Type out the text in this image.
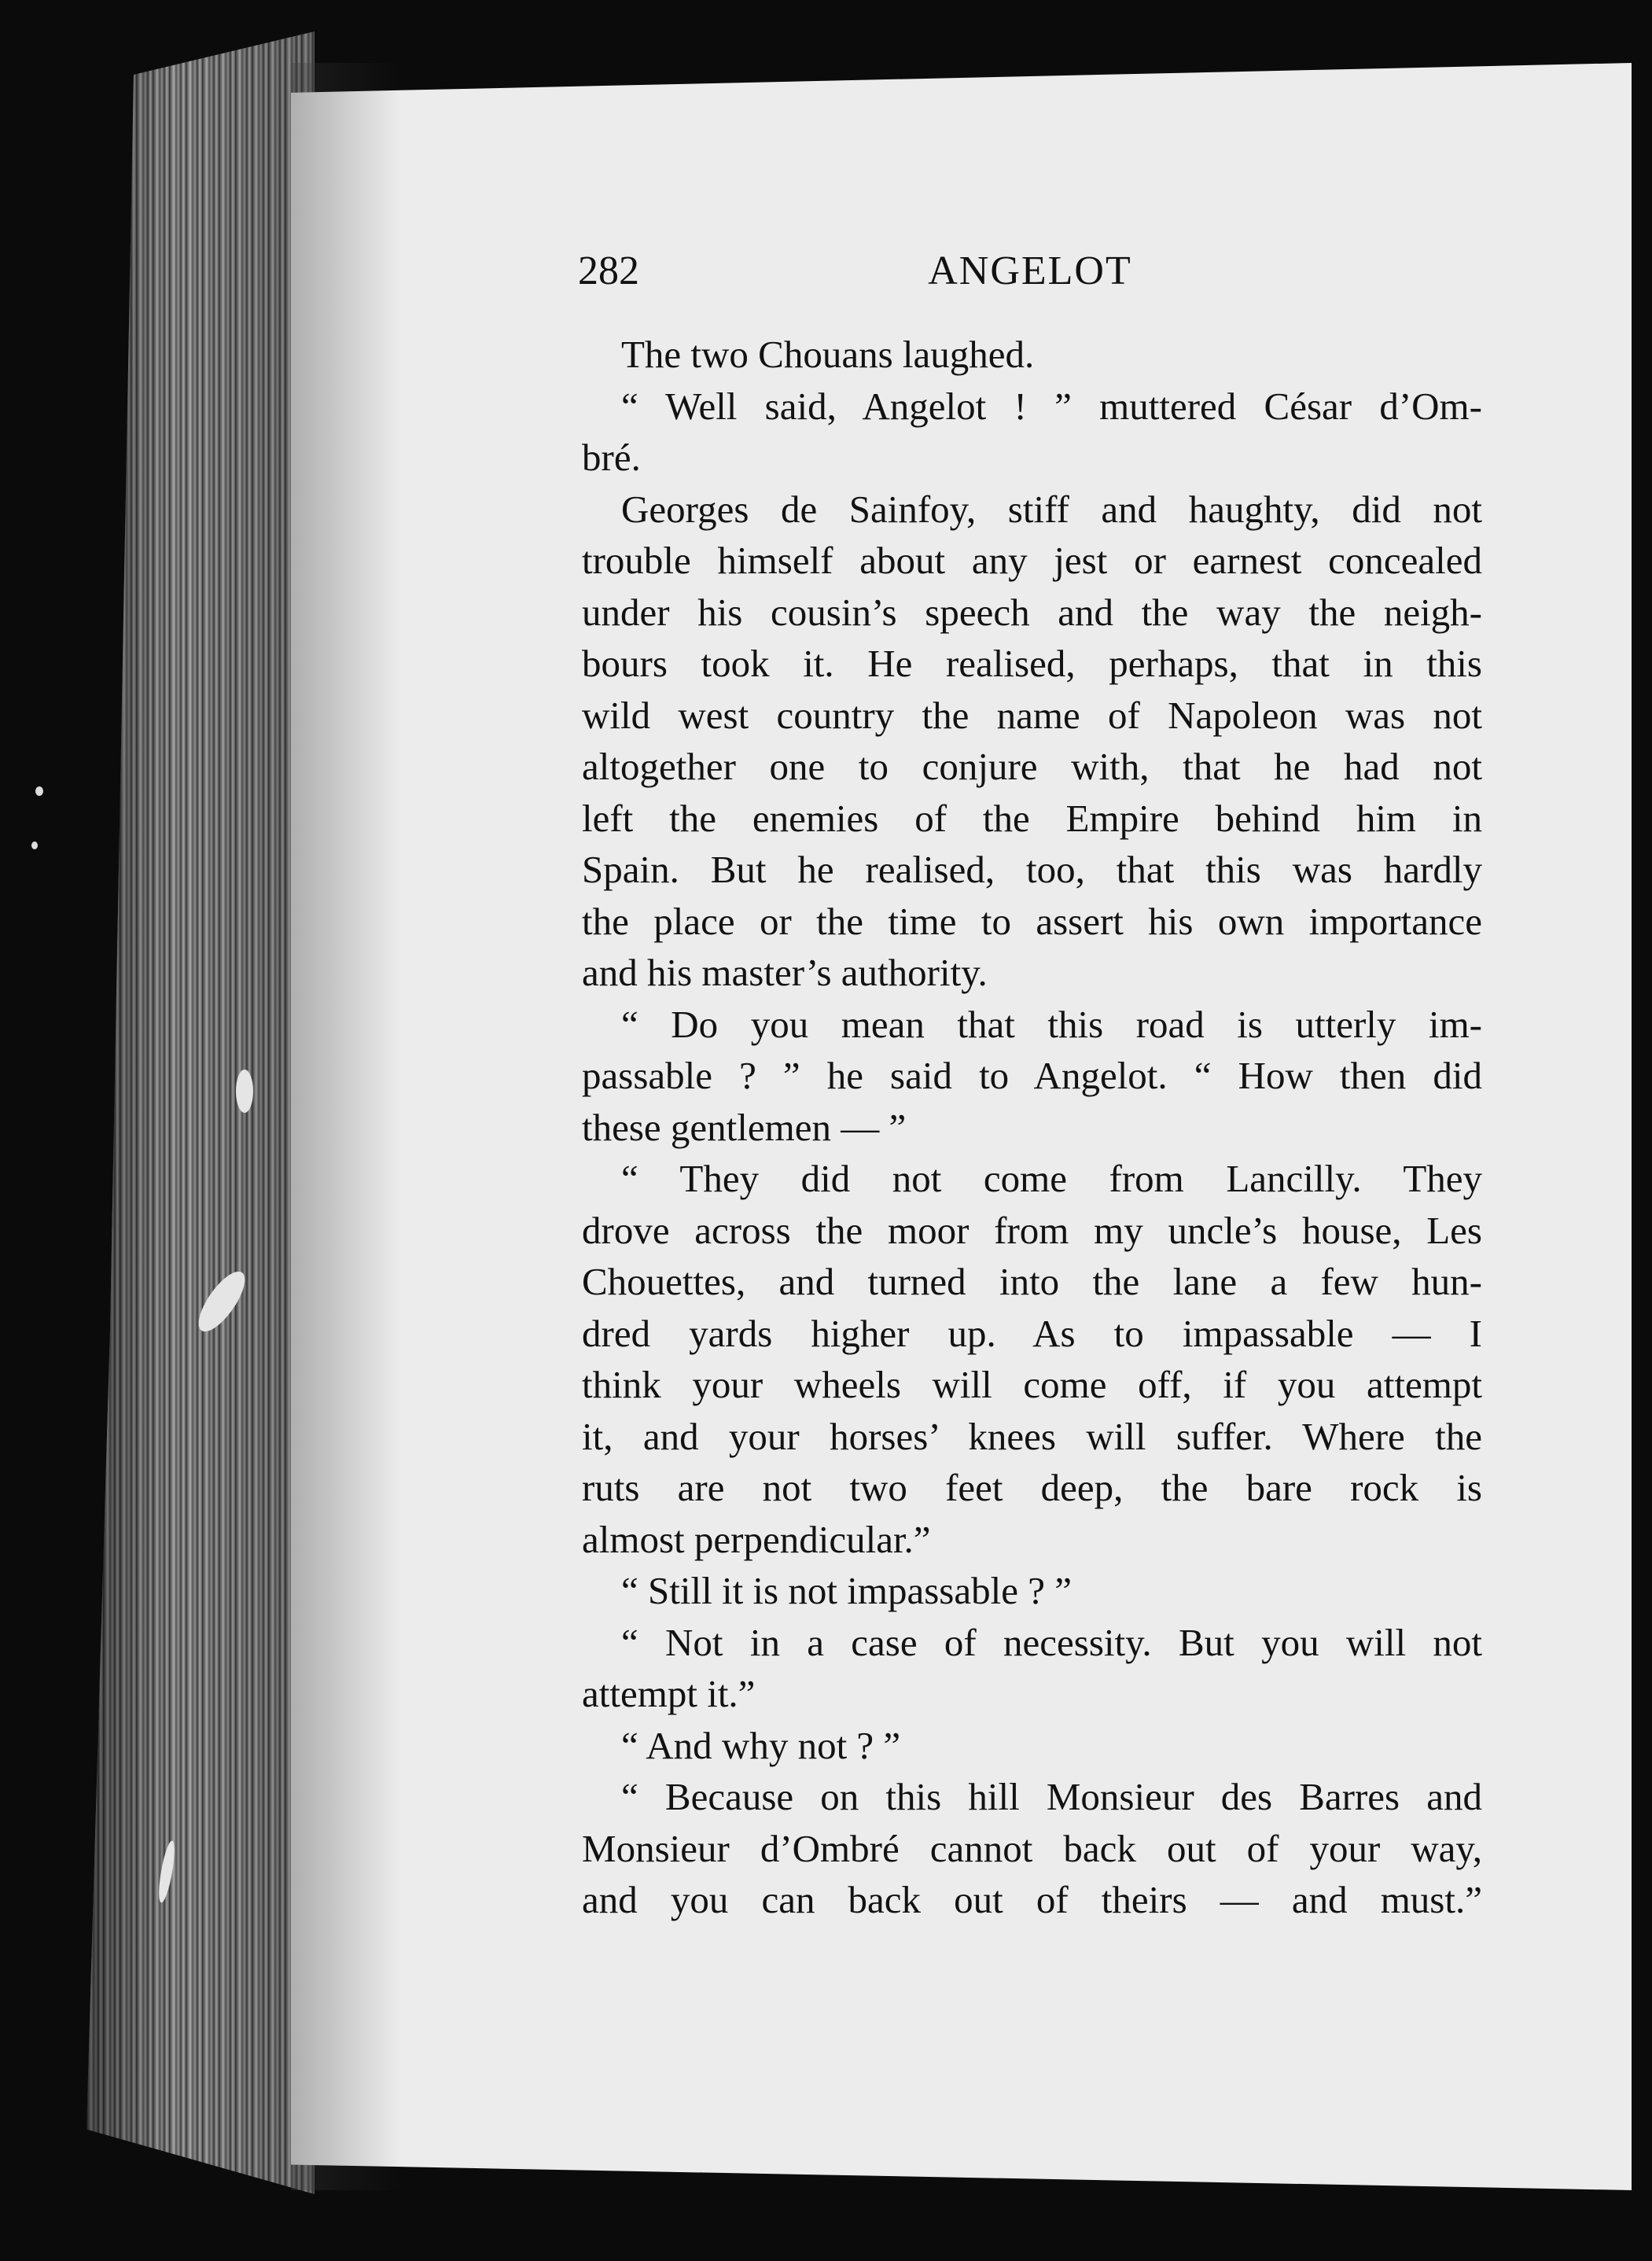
282	ANGELOT
The two Chouans laughed.
“ Well said, Angelot ! ” muttered César d’Om-
bré.
Georges de Sainfoy, stiff and haughty, did not
trouble himself about any jest or earnest concealed
under his cousin’s speech and the way the neigh-
bours took it. He realised, perhaps, that in this
wild west country the name of Napoleon was not
altogether one to conjure with, that he had not
left the enemies of the Empire behind him in
Spain. But he realised, too, that this was hardly
the place or the time to assert his own importance
and his master’s authority.
“ Do you mean that this road is utterly im-
passable ? ” he said to Angelot. “ How then did
these gentlemen — ”
“ They did not come from Lancilly. They
drove across the moor from my uncle’s house, Les
Chouettes, and turned into the lane a few hun-
dred yards higher up. As to impassable — I
think your wheels will come off, if you attempt
it, and your horses’ knees will suffer. Where the
ruts are not two feet deep, the bare rock is
almost perpendicular.”
“ Still it is not impassable ? ”
“ Not in a case of necessity. But you will not
attempt it.”
“ And why not ? ”
“ Because on this hill Monsieur des Barres and
Monsieur d’Ombré cannot back out of your way,
and you can back out of theirs — and must.”
